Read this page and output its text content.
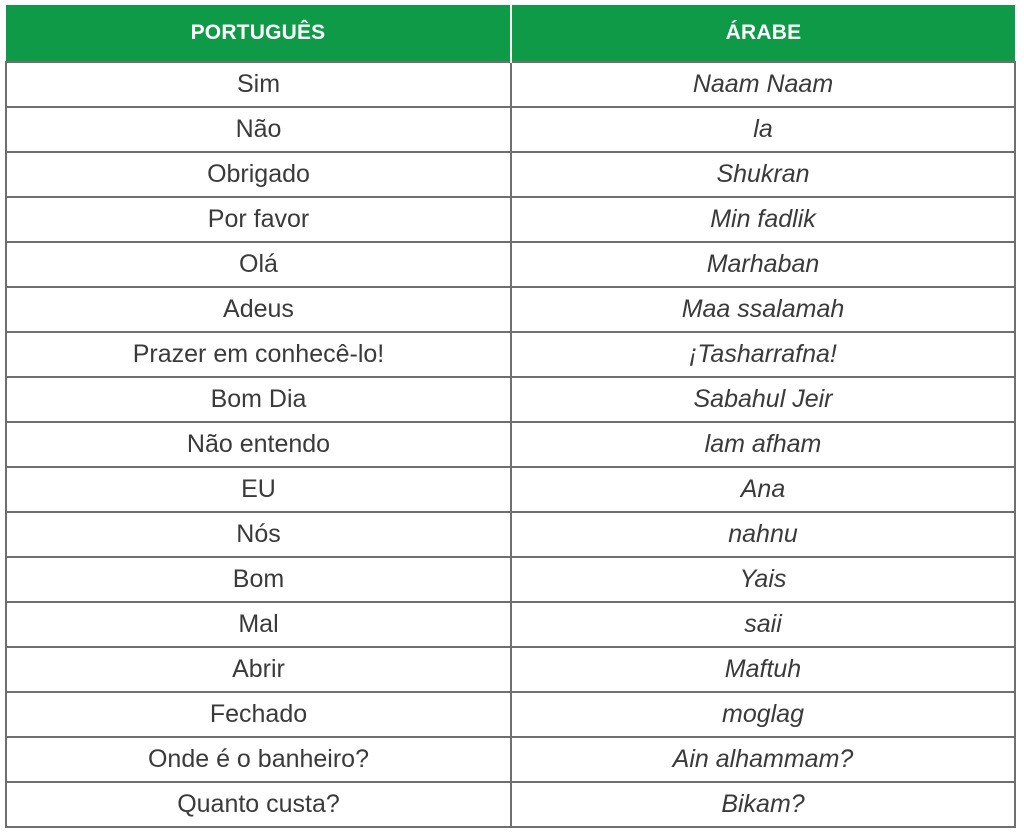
PORTUGUÊS	ÁRABE
Sim	Naam Naam
Não	la
Obrigado	Shukran
Por favor	Min fadlik
Olá	Marhaban
Adeus	Maa ssalamah
Prazer em conhecê-lo!	¡Tasharrafna!
Bom Dia	Sabahul Jeir
Não entendo	lam afham
EU	Ana
Nós	nahnu
Bom	Yais
Mal	saii
Abrir	Maftuh
Fechado	moglag
Onde é o banheiro?	Ain alhammam?
Quanto custa?	Bikam?
